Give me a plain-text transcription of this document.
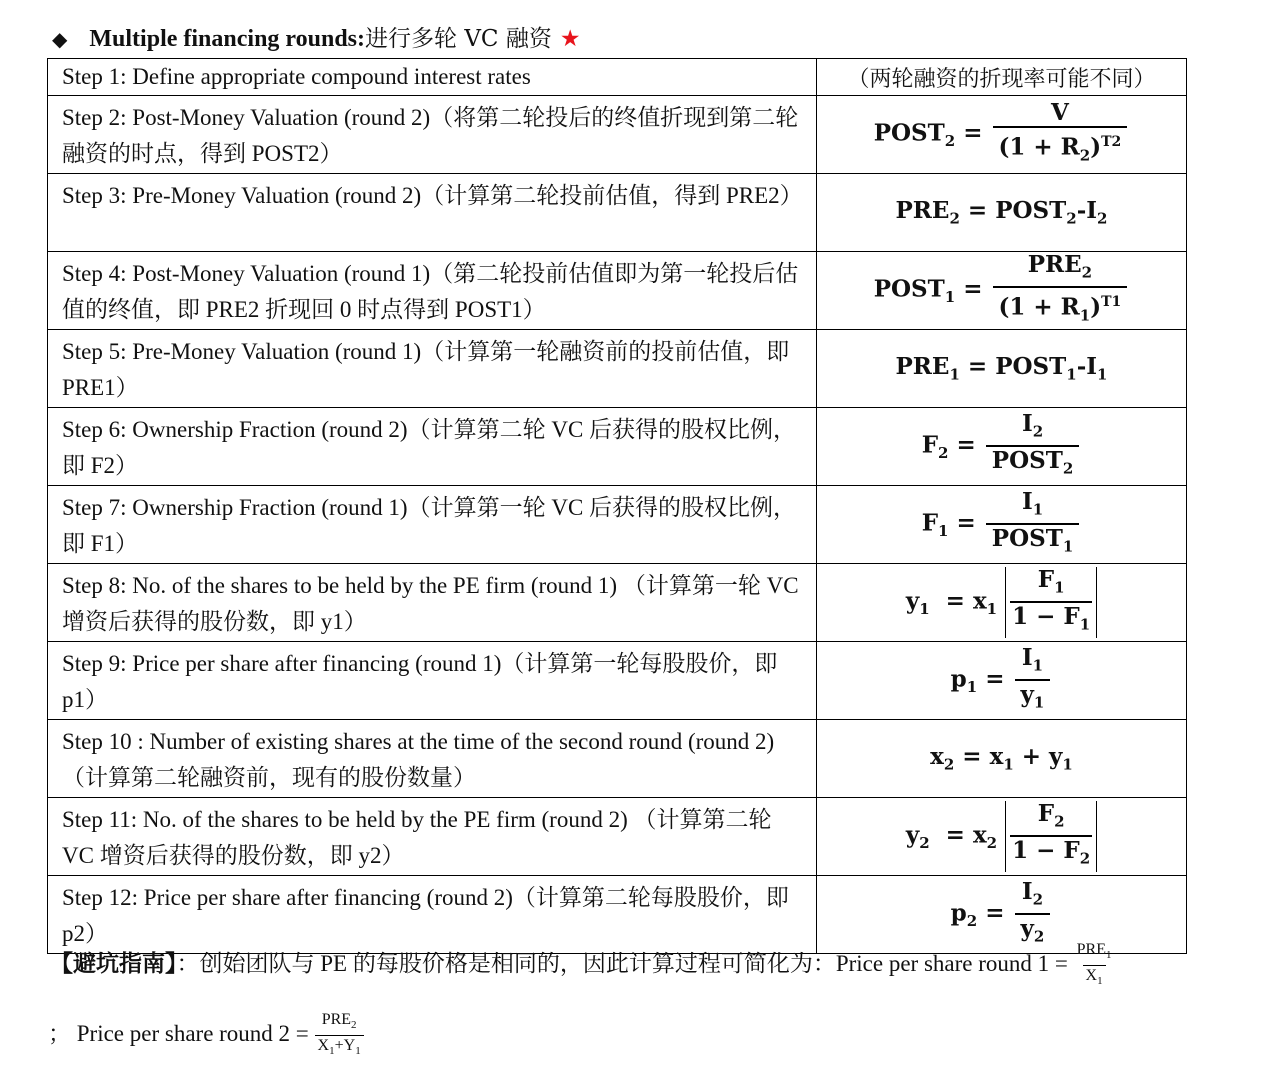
◆ Multiple financing rounds:进行多轮 VC 融资 ★
Step 1: Define appropriate compound interest rates	（两轮融资的折现率可能不同）
Step 2: Post-Money Valuation (round 2)（将第二轮投后的终值折现到第二轮融资的时点，得到 POST2）	$POST_2 = \frac{V}{(1 + R_2)^{T2}}$

Step 3: Pre-Money Valuation (round 2)（计算第二轮投前估值，得到 PRE2）	$PRE_2$ = $POST_2-I_2$
Step 4: Post-Money Valuation (round 1)（第二轮投前估值即为第一轮投后估值的终值，即 PRE2 折现回 0 时点得到 POST1）	$POST_1 = \frac{PRE_2}{(1 + R_1)^{T1}}$

Step 5: Pre-Money Valuation (round 1)（计算第一轮融资前的投前估值，即 PRE1）	$PRE_1$ = $POST_1-I_1$
Step 6: Ownership Fraction (round 2)（计算第二轮 VC 后获得的股权比例，即 F2）	$F_2 = \frac{I_2}{POST_2}$

Step 7: Ownership Fraction (round 1)（计算第一轮 VC 后获得的股权比例，即 F1）	$F_1 = \frac{I_1}{POST_1}$

Step 8: No. of the shares to be held by the PE firm (round 1) （计算第一轮 VC 增资后获得的股份数，即 y1）	$y_1 = x_1 \frac{F_1}{1 - F_1}$

Step 9: Price per share after financing (round 1)（计算第一轮每股股价，即 p1）	$p_1 = \frac{I_1}{y_1}$

Step 10 : Number of existing shares at the time of the second round (round 2)（计算第二轮融资前，现有的股份数量）	$x_2 = x_1 + y_1$
Step 11: No. of the shares to be held by the PE firm (round 2) （计算第二轮 VC 增资后获得的股份数，即 y2）	$y_2 = x_2 \frac{F_2}{1 - F_2}$

Step 12: Price per share after financing (round 2)（计算第二轮每股股价，即 p2）	$p_2 = \frac{I_2}{y_2}$
【避坑指南】：创始团队与 PE 的每股价格是相同的，因此计算过程可简化为：Price per share round $1 = \frac{PRE_1}{X_1}$
； Price per share round $2 = \frac{PRE_2}{X_1+Y_1}$
